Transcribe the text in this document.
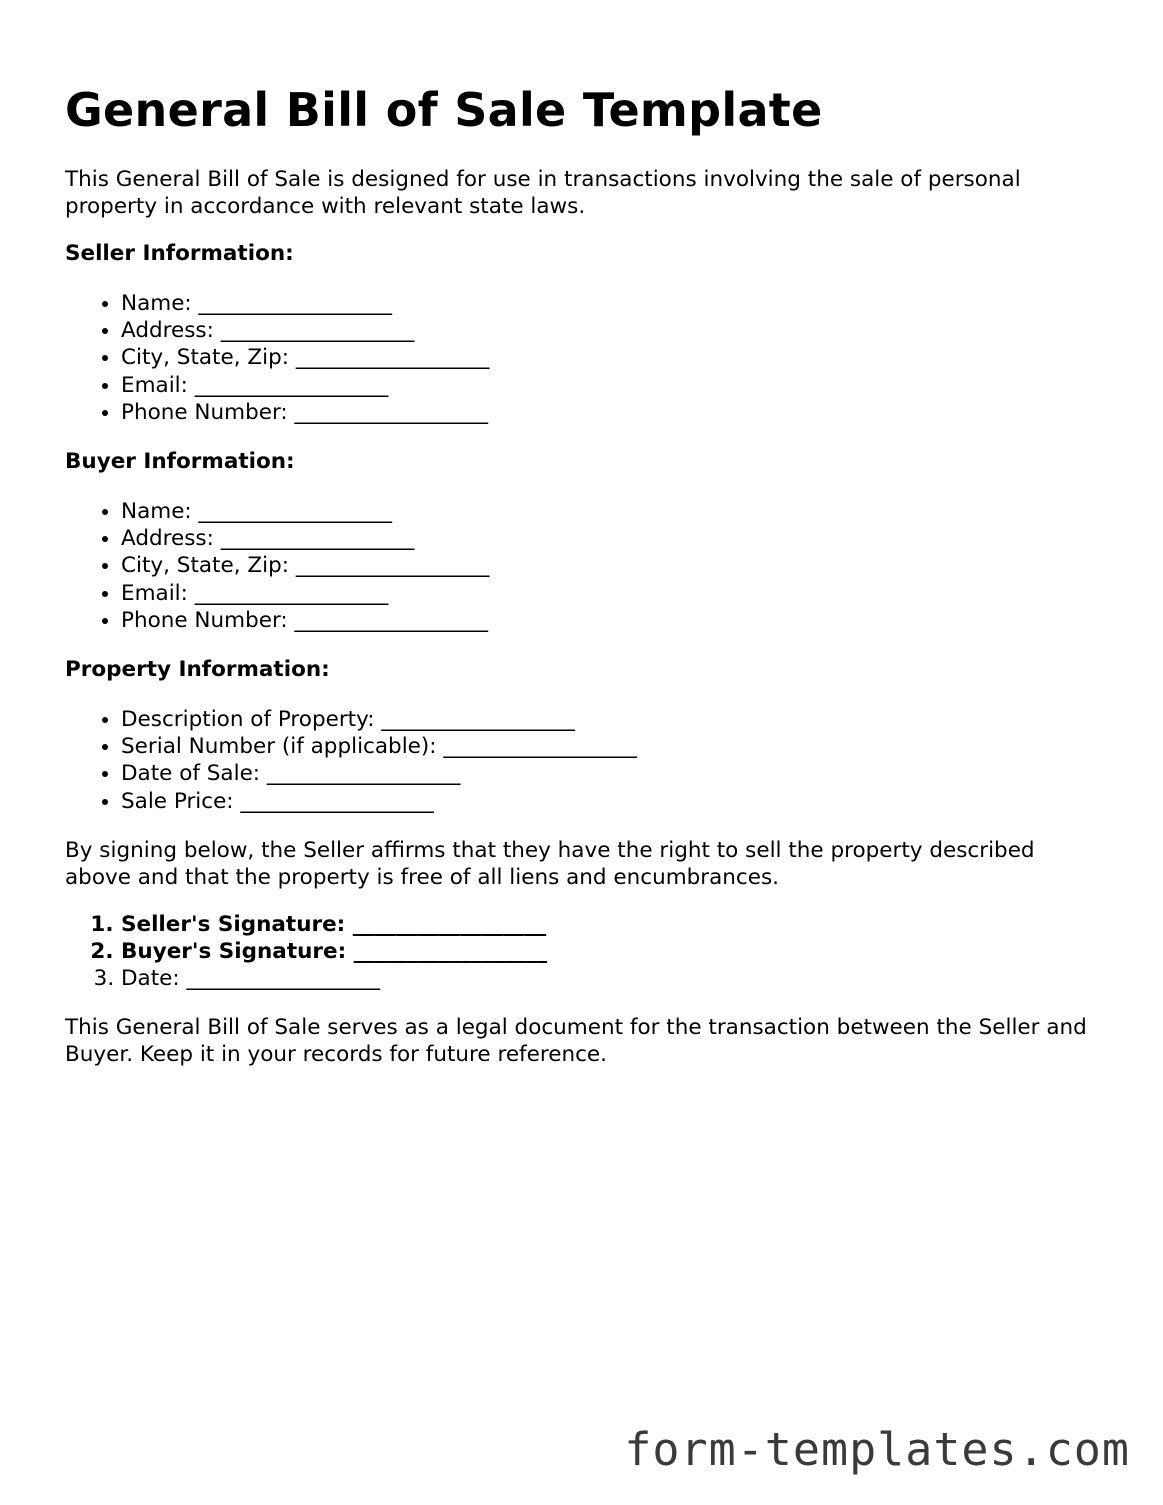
General Bill of Sale Template

This General Bill of Sale is designed for use in transactions involving the sale of personal property in accordance with relevant state laws.

Seller Information:
• Name: __________________
• Address: __________________
• City, State, Zip: __________________
• Email: __________________
• Phone Number: __________________
Buyer Information:
• Name: __________________
• Address: __________________
• City, State, Zip: __________________
• Email: __________________
• Phone Number: __________________
Property Information:
• Description of Property: __________________
• Serial Number (if applicable): __________________
• Date of Sale: __________________
• Sale Price: __________________

By signing below, the Seller affirms that they have the right to sell the property described above and that the property is free of all liens and encumbrances.

1. Seller's Signature: __________________
2. Buyer's Signature: __________________
3. Date: __________________

This General Bill of Sale serves as a legal document for the transaction between the Seller and Buyer. Keep it in your records for future reference.

form-templates.com
